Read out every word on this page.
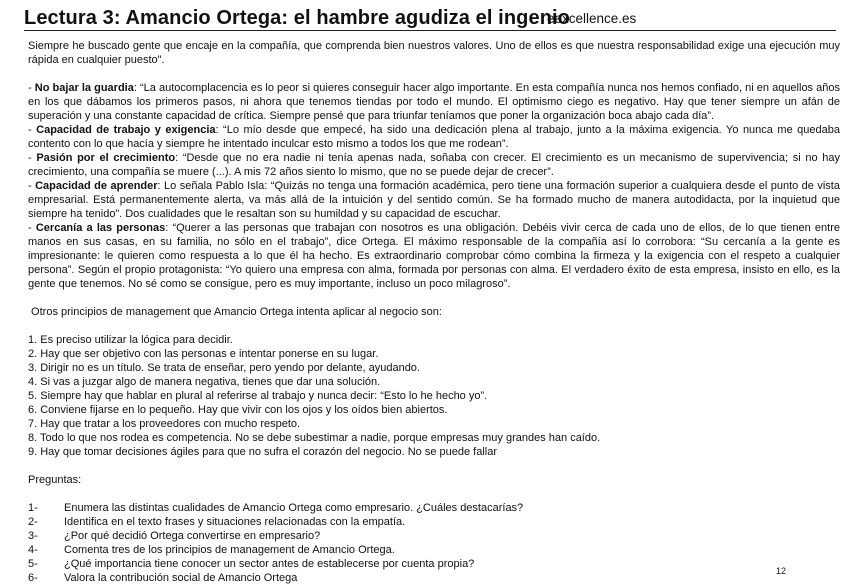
Lectura 3: Amancio Ortega: el hambre agudiza el ingenio
eexcellence.es

Siempre he buscado gente que encaje en la compañía, que comprenda bien nuestros valores. Uno de ellos es que nuestra responsabilidad exige una ejecución muy rápida en cualquier puesto".

- No bajar la guardia: “La autocomplacencia es lo peor si quieres conseguir hacer algo importante. En esta compañía nunca nos hemos confiado, ni en aquellos años en los que dábamos los primeros pasos, ni ahora que tenemos tiendas por todo el mundo. El optimismo ciego es negativo. Hay que tener siempre un afán de superación y una constante capacidad de crítica. Siempre pensé que para triunfar teníamos que poner la organización boca abajo cada día”.

- Capacidad de trabajo y exigencia: “Lo mío desde que empecé, ha sido una dedicación plena al trabajo, junto a la máxima exigencia. Yo nunca me quedaba contento con lo que hacía y siempre he intentado inculcar esto mismo a todos los que me rodean”.

- Pasión por el crecimiento: “Desde que no era nadie ni tenía apenas nada, soñaba con crecer. El crecimiento es un mecanismo de supervivencia; si no hay crecimiento, una compañía se muere (...). A mis 72 años siento lo mismo, que no se puede dejar de crecer”.

- Capacidad de aprender: Lo señala Pablo Isla: “Quizás no tenga una formación académica, pero tiene una formación superior a cualquiera desde el punto de vista empresarial. Está permanentemente alerta, va más allá de la intuición y del sentido común. Se ha formado mucho de manera autodidacta, por la inquietud que siempre ha tenido”. Dos cualidades que le resaltan son su humildad y su capacidad de escuchar.

- Cercanía a las personas: “Querer a las personas que trabajan con nosotros es una obligación. Debéis vivir cerca de cada uno de ellos, de lo que tienen entre manos en sus casas, en su familia, no sólo en el trabajo”, dice Ortega. El máximo responsable de la compañía así lo corrobora: “Su cercanía a la gente es impresionante: le quieren como respuesta a lo que él ha hecho. Es extraordinario comprobar cómo combina la firmeza y la exigencia con el respeto a cualquier persona”. Según el propio protagonista: “Yo quiero una empresa con alma, formada por personas con alma. El verdadero éxito de esta empresa, insisto en ello, es la gente que tenemos. No sé como se consigue, pero es muy importante, incluso un poco milagroso”.

Otros principios de management que Amancio Ortega intenta aplicar al negocio son:

1. Es preciso utilizar la lógica para decidir.
2. Hay que ser objetivo con las personas e intentar ponerse en su lugar.
3. Dirigir no es un título. Se trata de enseñar, pero yendo por delante, ayudando.
4. Si vas a juzgar algo de manera negativa, tienes que dar una solución.
5. Siempre hay que hablar en plural al referirse al trabajo y nunca decir: “Esto lo he hecho yo”.
6. Conviene fijarse en lo pequeño. Hay que vivir con los ojos y los oídos bien abiertos.
7. Hay que tratar a los proveedores con mucho respeto.
8. Todo lo que nos rodea es competencia. No se debe subestimar a nadie, porque empresas muy grandes han caído.
9. Hay que tomar decisiones ágiles para que no sufra el corazón del negocio. No se puede fallar
Preguntas:
1-	Enumera las distintas cualidades de Amancio Ortega como empresario. ¿Cuáles destacarías?
2-	Identifica en el texto frases y situaciones relacionadas con la empatía.
3-	¿Por qué decidió Ortega convertirse en empresario?
4-	Comenta tres de los principios de management de Amancio Ortega.
5-	¿Qué importancia tiene conocer un sector antes de establecerse por cuenta propia?
6-	Valora la contribución social de Amancio Ortega
12
